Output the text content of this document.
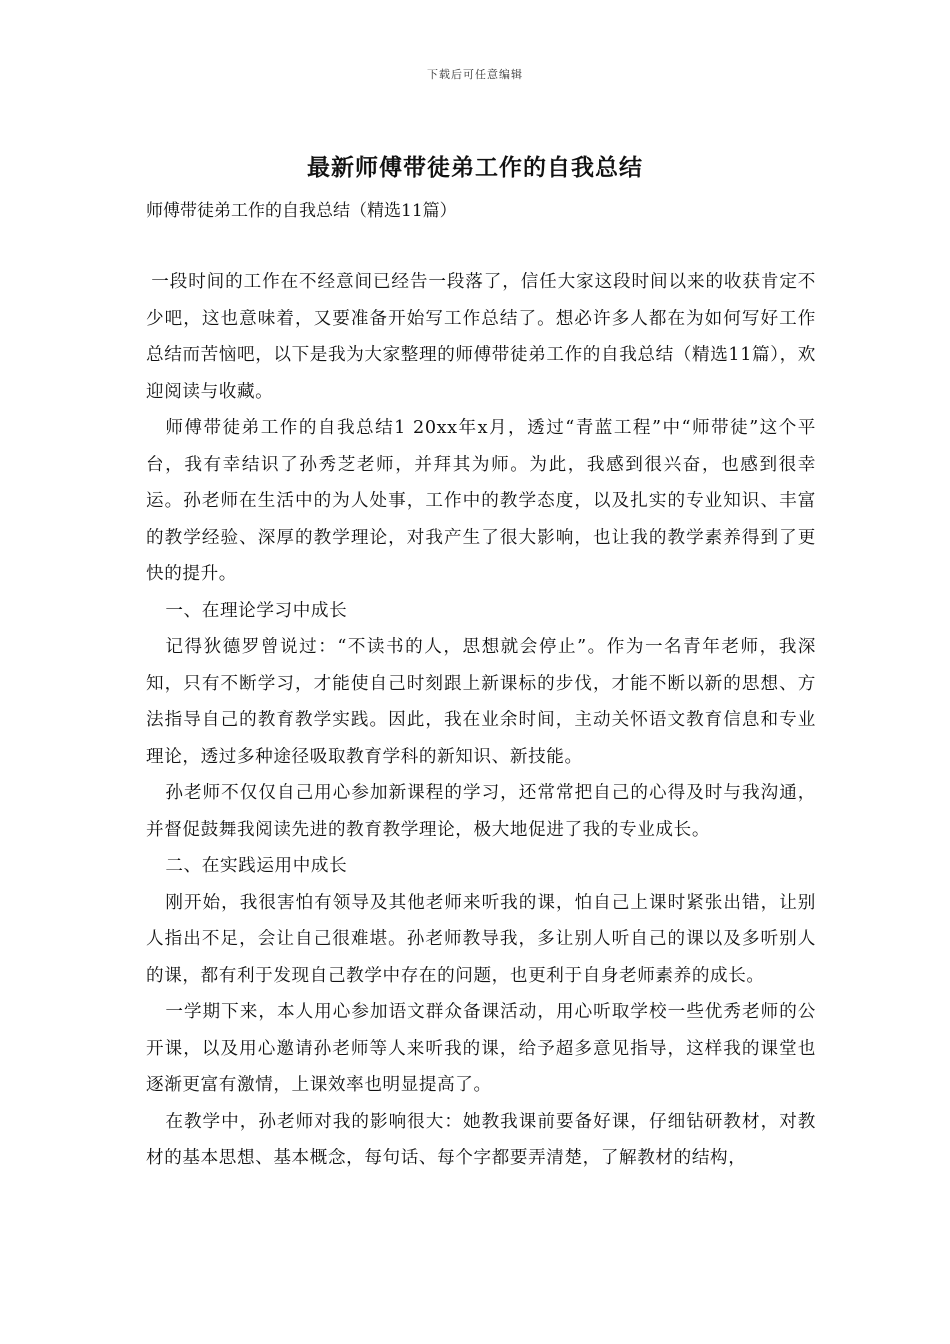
下载后可任意编辑
最新师傅带徒弟工作的自我总结
师傅带徒弟工作的自我总结（精选11篇）

一段时间的工作在不经意间已经告一段落了，信任大家这段时间以来的收获肯定不少吧，这也意味着，又要准备开始写工作总结了。想必许多人都在为如何写好工作总结而苦恼吧，以下是我为大家整理的师傅带徒弟工作的自我总结（精选11篇），欢迎阅读与收藏。

师傅带徒弟工作的自我总结1 20xx年x月，透过“青蓝工程”中“师带徒”这个平台，我有幸结识了孙秀芝老师，并拜其为师。为此，我感到很兴奋，也感到很幸运。孙老师在生活中的为人处事，工作中的教学态度，以及扎实的专业知识、丰富的教学经验、深厚的教学理论，对我产生了很大影响，也让我的教学素养得到了更快的提升。

一、在理论学习中成长

记得狄德罗曾说过：“不读书的人，思想就会停止”。作为一名青年老师，我深知，只有不断学习，才能使自己时刻跟上新课标的步伐，才能不断以新的思想、方法指导自己的教育教学实践。因此，我在业余时间，主动关怀语文教育信息和专业理论，透过多种途径吸取教育学科的新知识、新技能。

孙老师不仅仅自己用心参加新课程的学习，还常常把自己的心得及时与我沟通，并督促鼓舞我阅读先进的教育教学理论，极大地促进了我的专业成长。

二、在实践运用中成长

刚开始，我很害怕有领导及其他老师来听我的课，怕自己上课时紧张出错，让别人指出不足，会让自己很难堪。孙老师教导我，多让别人听自己的课以及多听别人的课，都有利于发现自己教学中存在的问题，也更利于自身老师素养的成长。

一学期下来，本人用心参加语文群众备课活动，用心听取学校一些优秀老师的公开课，以及用心邀请孙老师等人来听我的课，给予超多意见指导，这样我的课堂也逐渐更富有激情，上课效率也明显提高了。

在教学中，孙老师对我的影响很大：她教我课前要备好课，仔细钻研教材，对教材的基本思想、基本概念，每句话、每个字都要弄清楚，了解教材的结构，
